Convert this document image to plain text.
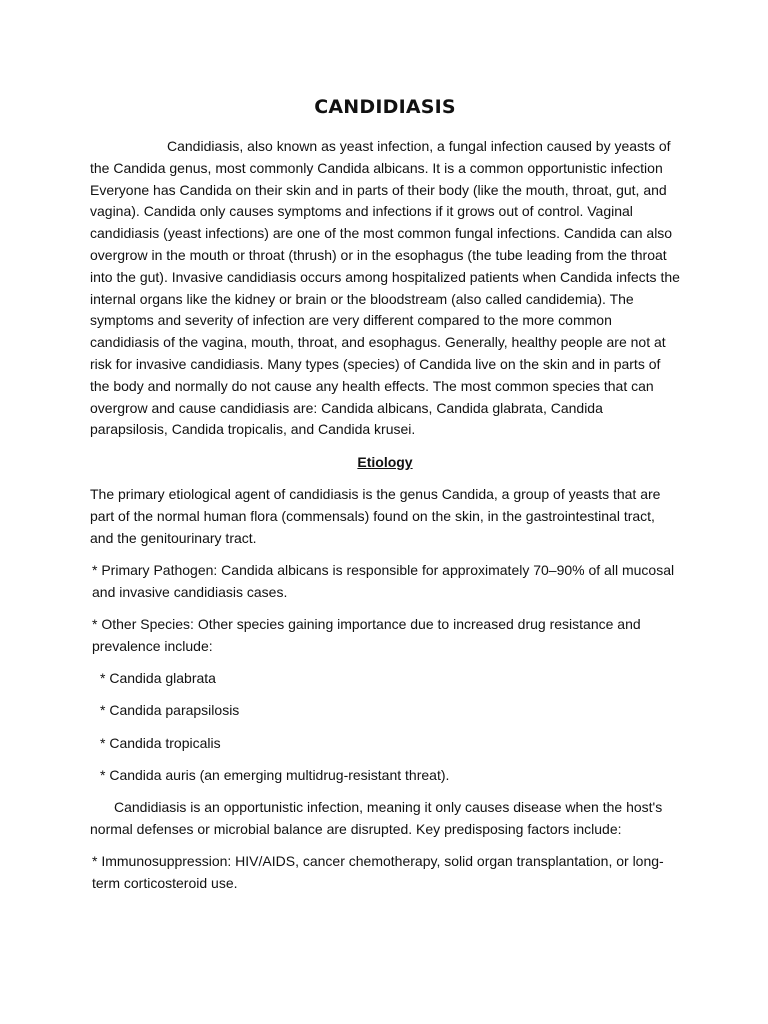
CANDIDIASIS

Candidiasis, also known as yeast infection, a fungal infection caused by yeasts of the Candida genus, most commonly Candida albicans. It is a common opportunistic infection Everyone has Candida on their skin and in parts of their body (like the mouth, throat, gut, and vagina). Candida only causes symptoms and infections if it grows out of control. Vaginal candidiasis (yeast infections) are one of the most common fungal infections. Candida can also overgrow in the mouth or throat (thrush) or in the esophagus (the tube leading from the throat into the gut). Invasive candidiasis occurs among hospitalized patients when Candida infects the internal organs like the kidney or brain or the bloodstream (also called candidemia). The symptoms and severity of infection are very different compared to the more common candidiasis of the vagina, mouth, throat, and esophagus. Generally, healthy people are not at risk for invasive candidiasis. Many types (species) of Candida live on the skin and in parts of the body and normally do not cause any health effects. The most common species that can overgrow and cause candidiasis are: Candida albicans, Candida glabrata, Candida parapsilosis, Candida tropicalis, and Candida krusei.

Etiology

The primary etiological agent of candidiasis is the genus Candida, a group of yeasts that are part of the normal human flora (commensals) found on the skin, in the gastrointestinal tract, and the genitourinary tract.

* Primary Pathogen: Candida albicans is responsible for approximately 70–90% of all mucosal and invasive candidiasis cases.

* Other Species: Other species gaining importance due to increased drug resistance and prevalence include:

* Candida glabrata

* Candida parapsilosis

* Candida tropicalis

* Candida auris (an emerging multidrug-resistant threat).

Candidiasis is an opportunistic infection, meaning it only causes disease when the host's normal defenses or microbial balance are disrupted. Key predisposing factors include:

* Immunosuppression: HIV/AIDS, cancer chemotherapy, solid organ transplantation, or long-term corticosteroid use.
